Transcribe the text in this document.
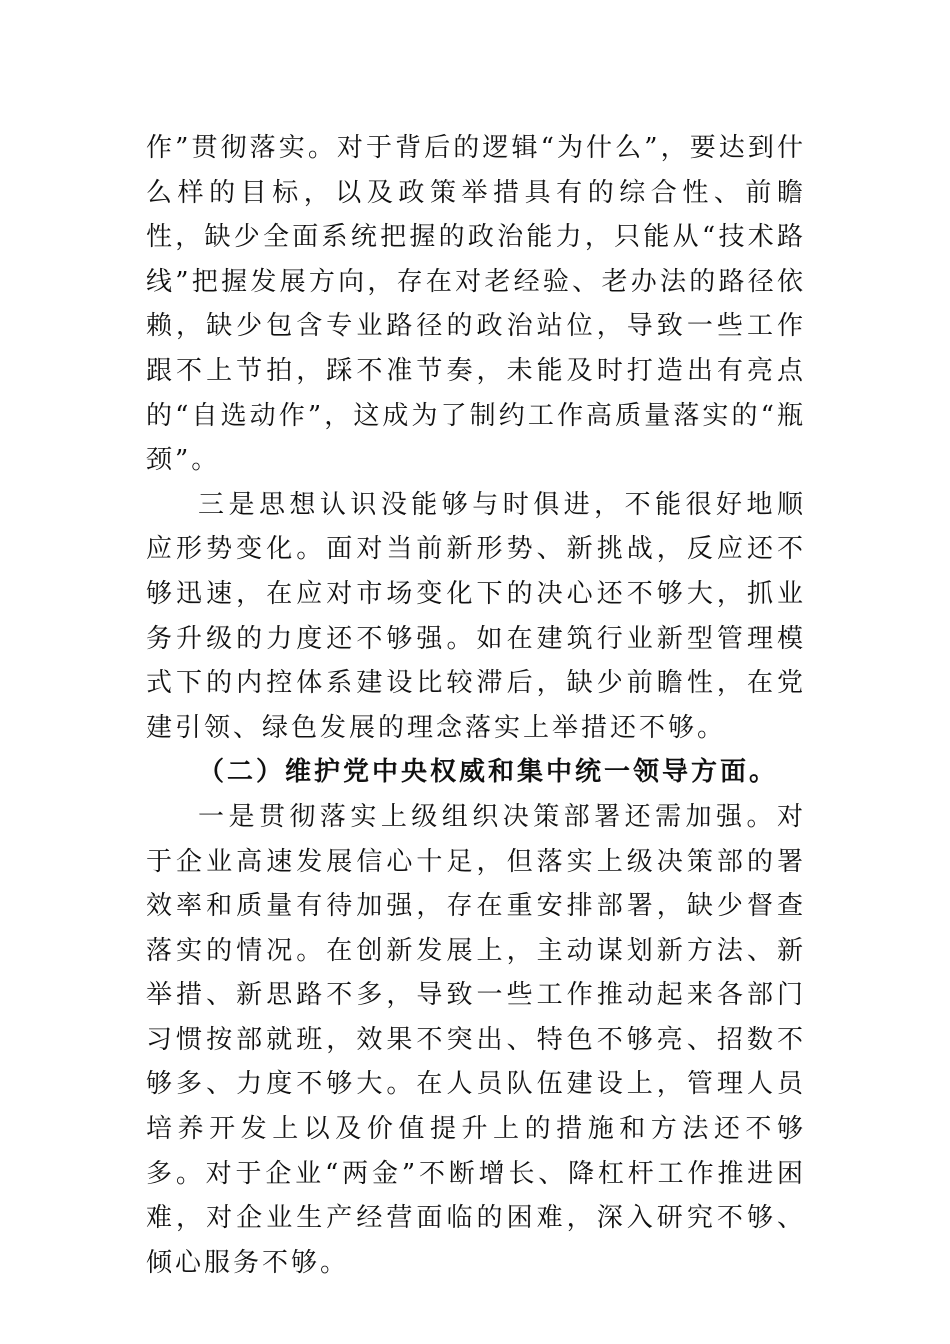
作”贯彻落实。对于背后的逻辑“为什么”，要达到什么样的目标，以及政策举措具有的综合性、前瞻性，缺少全面系统把握的政治能力，只能从“技术路线”把握发展方向，存在对老经验、老办法的路径依赖，缺少包含专业路径的政治站位，导致一些工作跟不上节拍，踩不准节奏，未能及时打造出有亮点的“自选动作”，这成为了制约工作高质量落实的“瓶颈”。

三是思想认识没能够与时俱进，不能很好地顺应形势变化。面对当前新形势、新挑战，反应还不够迅速，在应对市场变化下的决心还不够大，抓业务升级的力度还不够强。如在建筑行业新型管理模式下的内控体系建设比较滞后，缺少前瞻性，在党建引领、绿色发展的理念落实上举措还不够。

（二）维护党中央权威和集中统一领导方面。

一是贯彻落实上级组织决策部署还需加强。对于企业高速发展信心十足，但落实上级决策部的署效率和质量有待加强，存在重安排部署，缺少督查落实的情况。在创新发展上，主动谋划新方法、新举措、新思路不多，导致一些工作推动起来各部门习惯按部就班，效果不突出、特色不够亮、招数不够多、力度不够大。在人员队伍建设上，管理人员培养开发上以及价值提升上的措施和方法还不够多。对于企业“两金”不断增长、降杠杆工作推进困难，对企业生产经营面临的困难，深入研究不够、倾心服务不够。
